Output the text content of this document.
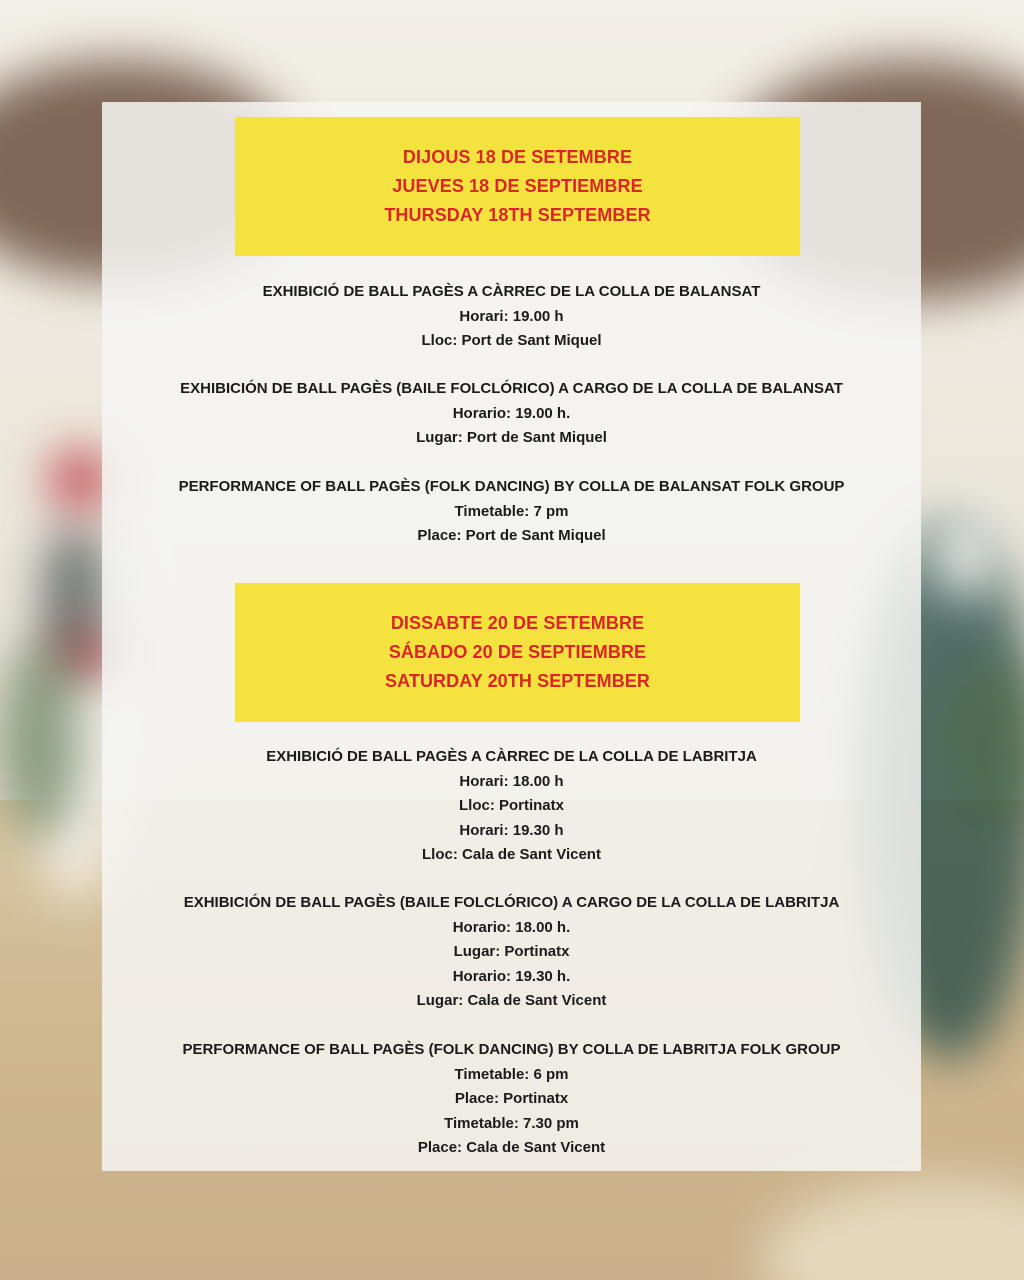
DIJOUS 18 DE SETEMBRE
JUEVES 18 DE SEPTIEMBRE
THURSDAY 18TH SEPTEMBER
EXHIBICIÓ DE BALL PAGÈS A CÀRREC DE LA COLLA DE BALANSAT
Horari: 19.00 h
Lloc: Port de Sant Miquel
EXHIBICIÓN DE BALL PAGÈS (BAILE FOLCLÓRICO) A CARGO DE LA COLLA DE BALANSAT
Horario: 19.00 h.
Lugar: Port de Sant Miquel
PERFORMANCE OF BALL PAGÈS (FOLK DANCING) BY COLLA DE BALANSAT FOLK GROUP
Timetable: 7 pm
Place: Port de Sant Miquel
DISSABTE 20 DE SETEMBRE
SÁBADO 20 DE SEPTIEMBRE
SATURDAY 20TH SEPTEMBER
EXHIBICIÓ DE BALL PAGÈS A CÀRREC DE LA COLLA DE LABRITJA
Horari: 18.00 h
Lloc: Portinatx
Horari: 19.30 h
Lloc: Cala de Sant Vicent
EXHIBICIÓN DE BALL PAGÈS (BAILE FOLCLÓRICO) A CARGO DE LA COLLA DE LABRITJA
Horario: 18.00 h.
Lugar: Portinatx
Horario: 19.30 h.
Lugar: Cala de Sant Vicent
PERFORMANCE OF BALL PAGÈS (FOLK DANCING) BY COLLA DE LABRITJA FOLK GROUP
Timetable: 6 pm
Place: Portinatx
Timetable: 7.30 pm
Place: Cala de Sant Vicent
